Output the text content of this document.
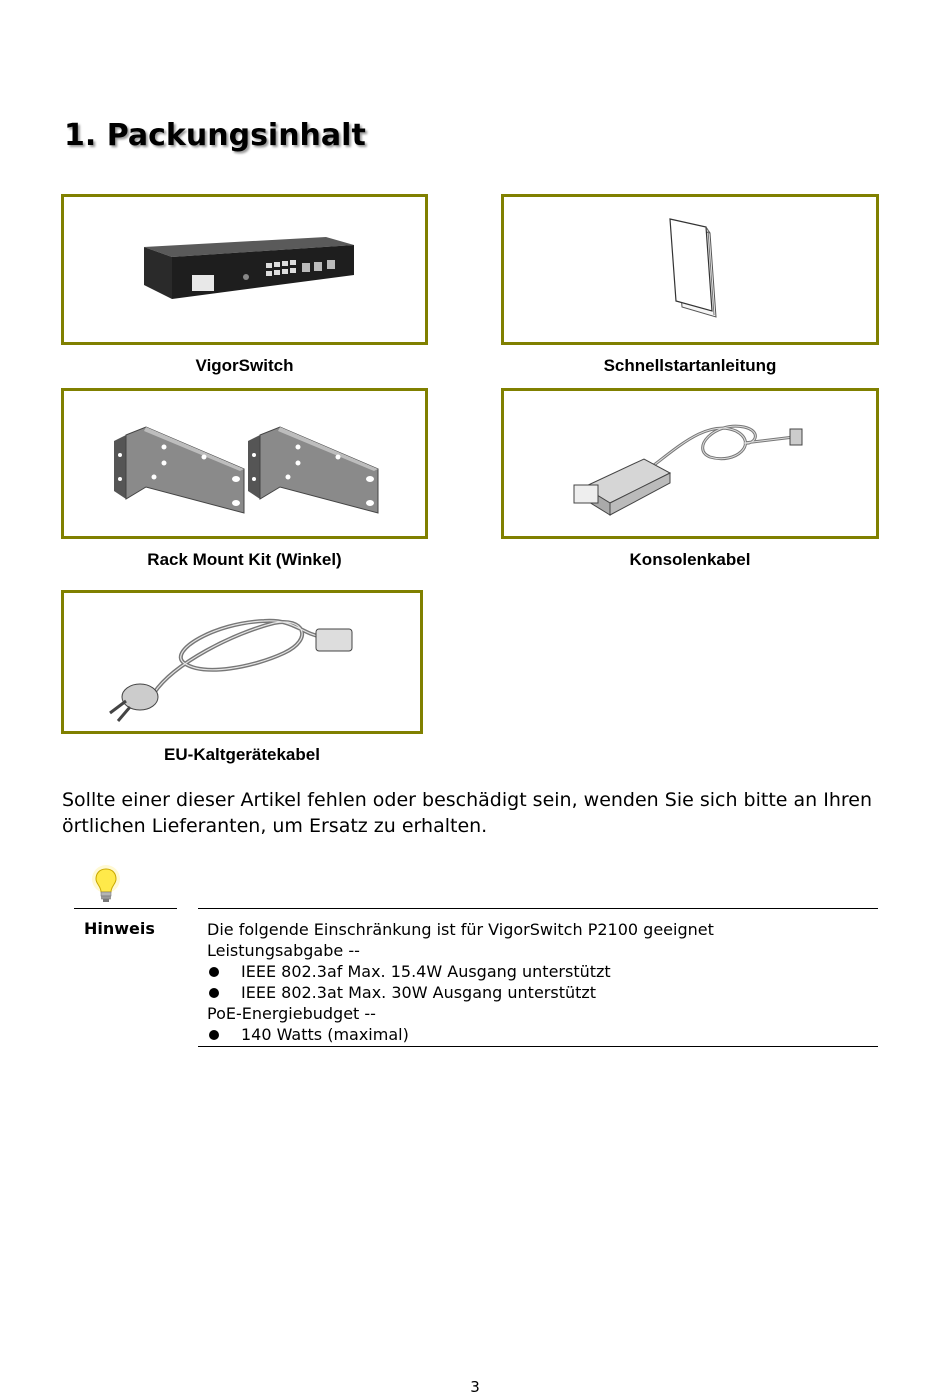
1. Packungsinhalt
VigorSwitch	Schnellstartanleitung
Rack Mount Kit (Winkel)	Konsolenkabel
EU-Kaltgerätekabel

Sollte einer dieser Artikel fehlen oder beschädigt sein, wenden Sie sich bitte an Ihren örtlichen Lieferanten, um Ersatz zu erhalten.

Hinweis	Die folgende Einschränkung ist für VigorSwitch P2100 geeignet
Leistungsabgabe --
IEEE 802.3af Max. 15.4W Ausgang unterstützt
IEEE 802.3at Max. 30W Ausgang unterstützt
PoE-Energiebudget --
140 Watts (maximal)
3
